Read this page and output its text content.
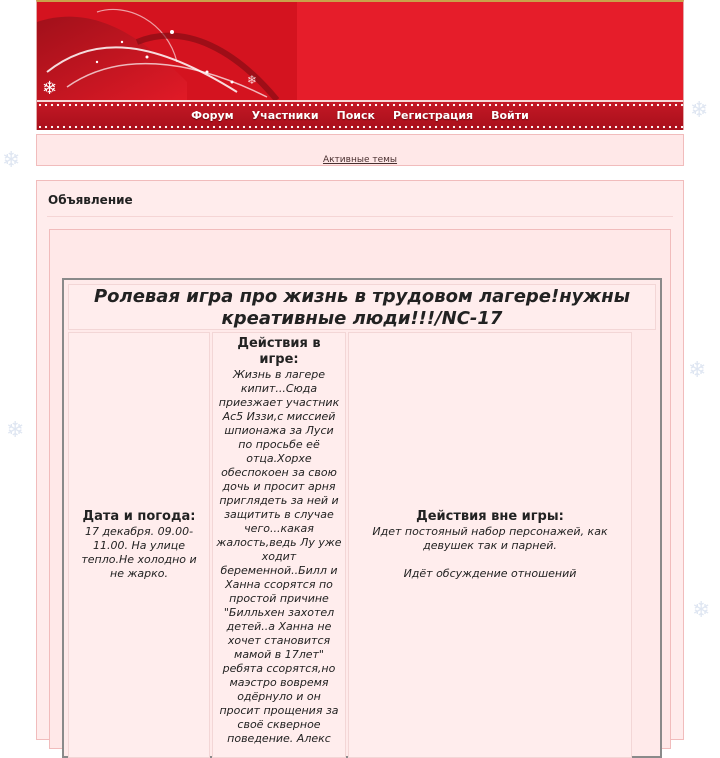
❄
❄
❄
❄
❄
❄	❄
Форум Участники Поиск Регистрация Войти
Активные темы
Объявление
Ролевая игра про жизнь в трудовом лагере!нужны креативные люди!!!/NC-17
Дата и погода:

17 декабря. 09.00-11.00. На улице тепло.Не холодно и не жарко.

Действия в игре:

Жизнь в лагере кипит...Сюда приезжает участник Ac5 Иззи,с миссией шпионажа за Луси по просьбе её отца.Хорхе обеспокоен за свою дочь и просит арня приглядеть за ней и защитить в случае чего...какая жалость,ведь Лу уже ходит беременной..Билл и Ханна ссорятся по простой причине "Билльхен захотел детей..а Ханна не хочет становится мамой в 17лет" ребята ссорятся,но маэстро вовремя одёрнуло и он просит прощения за своё скверное поведение. Алекс

Действия вне игры:

Идет постояный набор персонажей, как девушек так и парней.

Идёт обсуждение отношений
